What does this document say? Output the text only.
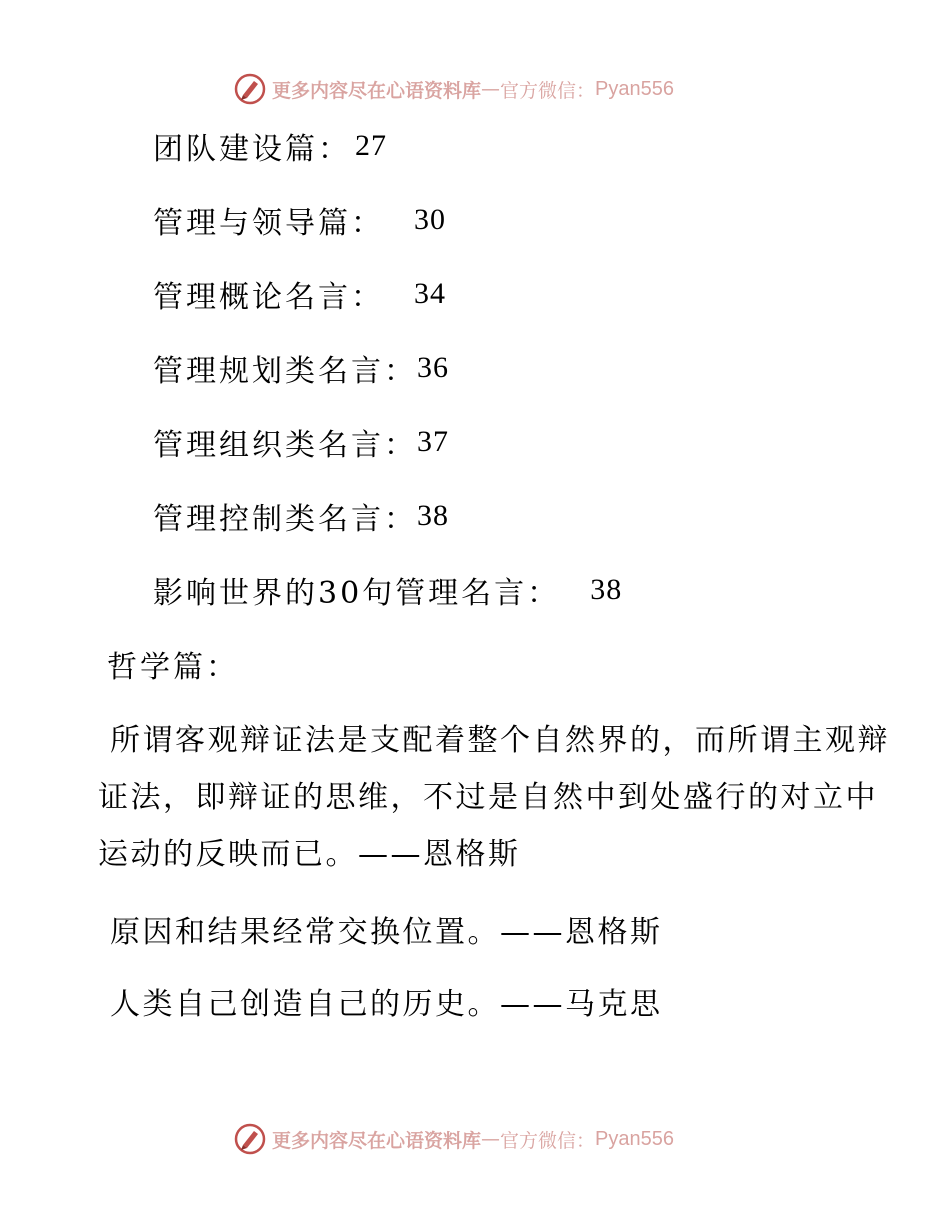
更多内容尽在心语资料库 — 官方微信： Pyan556
团队建设篇： 27
管理与领导篇： 30
管理概论名言： 34
管理规划类名言： 36
管理组织类名言： 37
管理控制类名言： 38
影响世界的30句管理名言： 38
哲学篇：
所谓客观辩证法是支配着整个自然界的，而所谓主观辩证法，即辩证的思维，不过是自然中到处盛行的对立中运动的反映而已。——恩格斯
原因和结果经常交换位置。——恩格斯
人类自己创造自己的历史。——马克思
更多内容尽在心语资料库 — 官方微信： Pyan556
